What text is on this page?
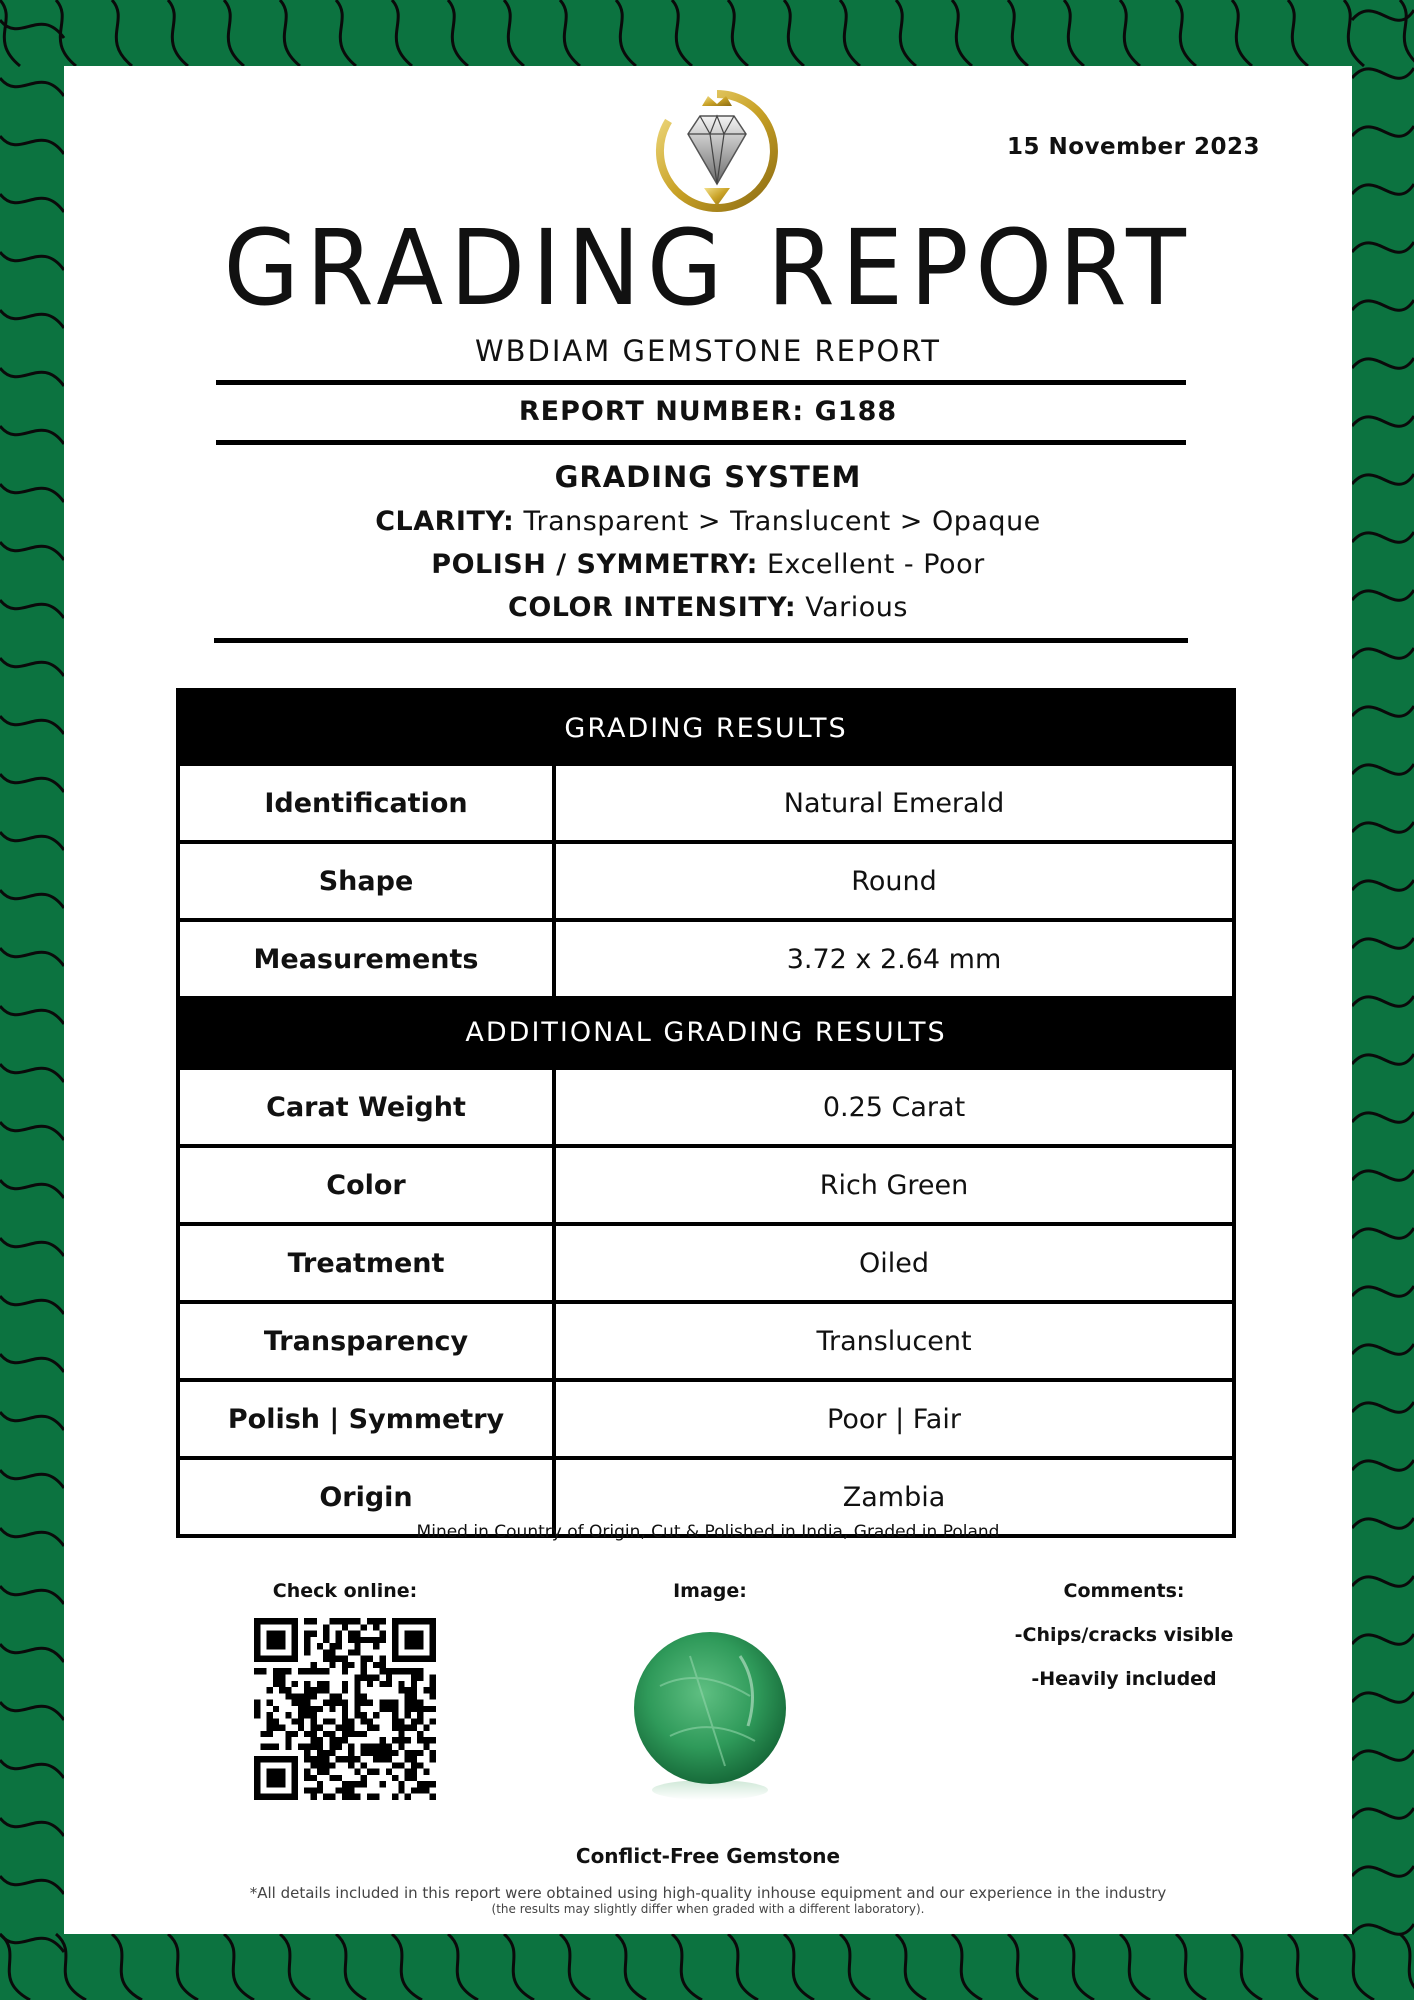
15 November 2023
GRADING REPORT
WBDIAM GEMSTONE REPORT
REPORT NUMBER: G188
GRADING SYSTEM
CLARITY: Transparent > Translucent > Opaque
POLISH / SYMMETRY: Excellent - Poor
COLOR INTENSITY: Various
GRADING RESULTS
Identification	Natural Emerald
Shape	Round
Measurements	3.72 x 2.64 mm
ADDITIONAL GRADING RESULTS
Carat Weight	0.25 Carat
Color	Rich Green
Treatment	Oiled
Transparency	Translucent
Polish | Symmetry	Poor | Fair
Origin	Zambia
Mined in Country of Origin, Cut & Polished in India, Graded in Poland
Check online:	Image:	Comments:
-Chips/cracks visible
-Heavily included
Conflict-Free Gemstone
*All details included in this report were obtained using high-quality inhouse equipment and our experience in the industry
(the results may slightly differ when graded with a different laboratory).
